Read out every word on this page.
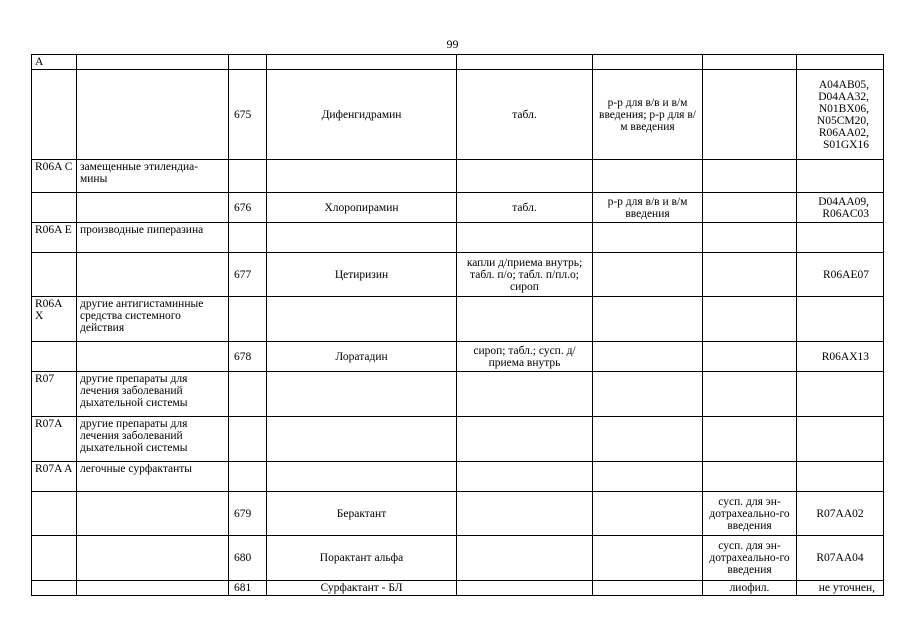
99
А							
		675	Дифенгидрамин	табл.	р-р для в/в и в/м введения; р-р для в/м введения		A04AB05, D04AA32, N01BX06, N05CM20, R06AA02, S01GX16
R06A C	замещенные этилендиа-мины						
		676	Хлоропирамин	табл.	р-р для в/в и в/м введения		D04AA09, R06AC03
R06A E	производные пиперазина						
		677	Цетиризин	капли д/приема внутрь; табл. п/о; табл. п/пл.о; сироп			R06AE07
R06A X	другие антигистаминные средства системного действия						
		678	Лоратадин	сироп; табл.; сусп. д/приема внутрь			R06AX13
R07	другие препараты для лечения заболеваний дыхательной системы						
R07A	другие препараты для лечения заболеваний дыхательной системы						
R07A A	легочные сурфактанты						
		679	Берактант			сусп. для эн-дотрахеально-го введения	R07AA02
		680	Порактант альфа			сусп. для эн-дотрахеально-го введения	R07AA04
		681	Сурфактант - БЛ			лиофил.	не уточнен,
